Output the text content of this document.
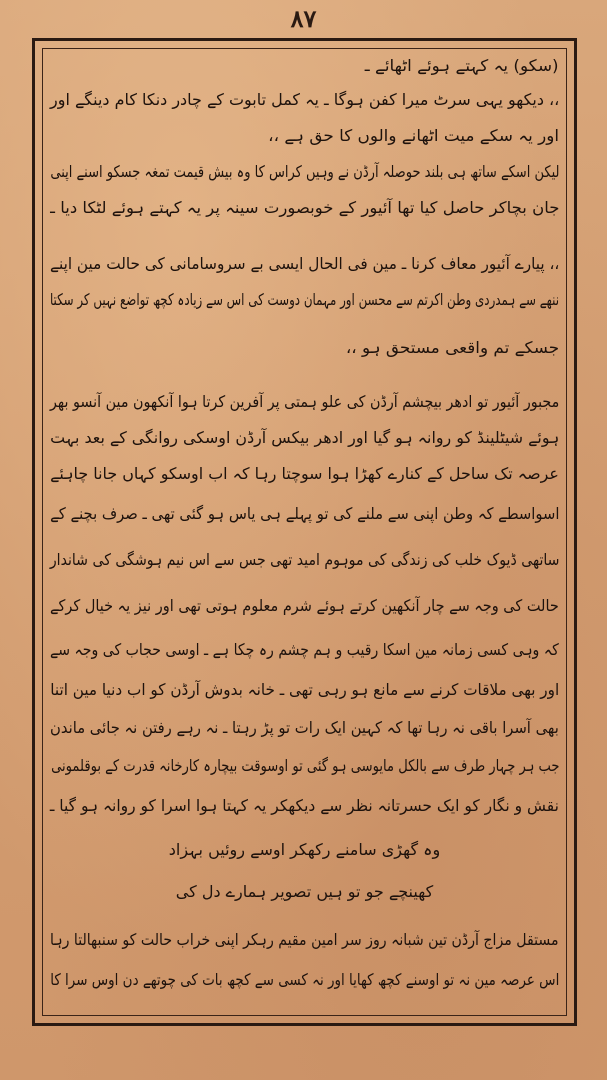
۸۷
(سکو) یہ کہتے ہوئے اٹھائے ـ
،، دیکھو یہی سرٹ میرا کفن ہوگا ـ یہ کمل تابوت کے چادر دنکا کام دینگے اور
اور یہ سکے میت اٹھانے والوں کا حق ہے ،،
لیکن اسکے ساتھ ہی بلند حوصلہ آرڈن نے وہیں کراس کا وہ بیش قیمت تمغہ جسکو اسنے اپنی
جان بچاکر حاصل کیا تھا آئیور کے خوبصورت سینہ پر یہ کہتے ہوئے لٹکا دیا ـ
،، پیارے آئیور معاف کرنا ـ مین فی الحال ایسی بے سروسامانی کی حالت مین اپنے
ننھے سے ہمدردی وطن اکرتم سے محسن اور مہمان دوست کی اس سے زیادہ کچھ تواضع نہیں کر سکتا
جسکے تم واقعی مستحق ہو ،،
مجبور آئیور تو ادھر بیچشم آرڈن کی علو ہمتی پر آفرین کرتا ہوا آنکھون مین آنسو بھر
ہوئے شیٹلینڈ کو روانہ ہو گیا اور ادھر بیکس آرڈن اوسکی روانگی کے بعد بہت
عرصہ تک ساحل کے کنارے کھڑا ہوا سوچتا رہا کہ اب اوسکو کہاں جانا چاہئے
اسواسطے کہ وطن اپنی سے ملنے کی تو پہلے ہی یاس ہو گئی تھی ـ صرف بچنے کے
ساتھی ڈیوک خلب کی زندگی کی موہوم امید تھی جس سے اس نیم ہوشگی کی شاندار
حالت کی وجہ سے چار آنکھین کرتے ہوئے شرم معلوم ہوتی تھی اور نیز یہ خیال کرکے
کہ وہی کسی زمانہ مین اسکا رقیب و ہم چشم رہ چکا ہے ـ اوسی حجاب کی وجہ سے
اور بھی ملاقات کرنے سے مانع ہو رہی تھی ـ خانہ بدوش آرڈن کو اب دنیا مین اتنا
بھی آسرا باقی نہ رہا تھا کہ کہین ایک رات تو پڑ رہتا ـ نہ رہے رفتن نہ جائی ماندن
جب ہر چہار طرف سے بالکل مایوسی ہو گئی تو اوسوقت بیچارہ کارخانہ قدرت کے بوقلمونی
نقش و نگار کو ایک حسرتانہ نظر سے دیکھکر یہ کہتا ہوا اسرا کو روانہ ہو گیا ـ
وہ گھڑی سامنے رکھکر اوسے روئیں بہزاد
کھینچے جو تو ہیں تصویر ہمارے دل کی
مستقل مزاج آرڈن تین شبانہ روز سر امین مقیم رہکر اپنی خراب حالت کو سنبھالتا رہا
اس عرصہ مین نہ تو اوسنے کچھ کھایا اور نہ کسی سے کچھ بات کی چوتھے دن اوس سرا کا
